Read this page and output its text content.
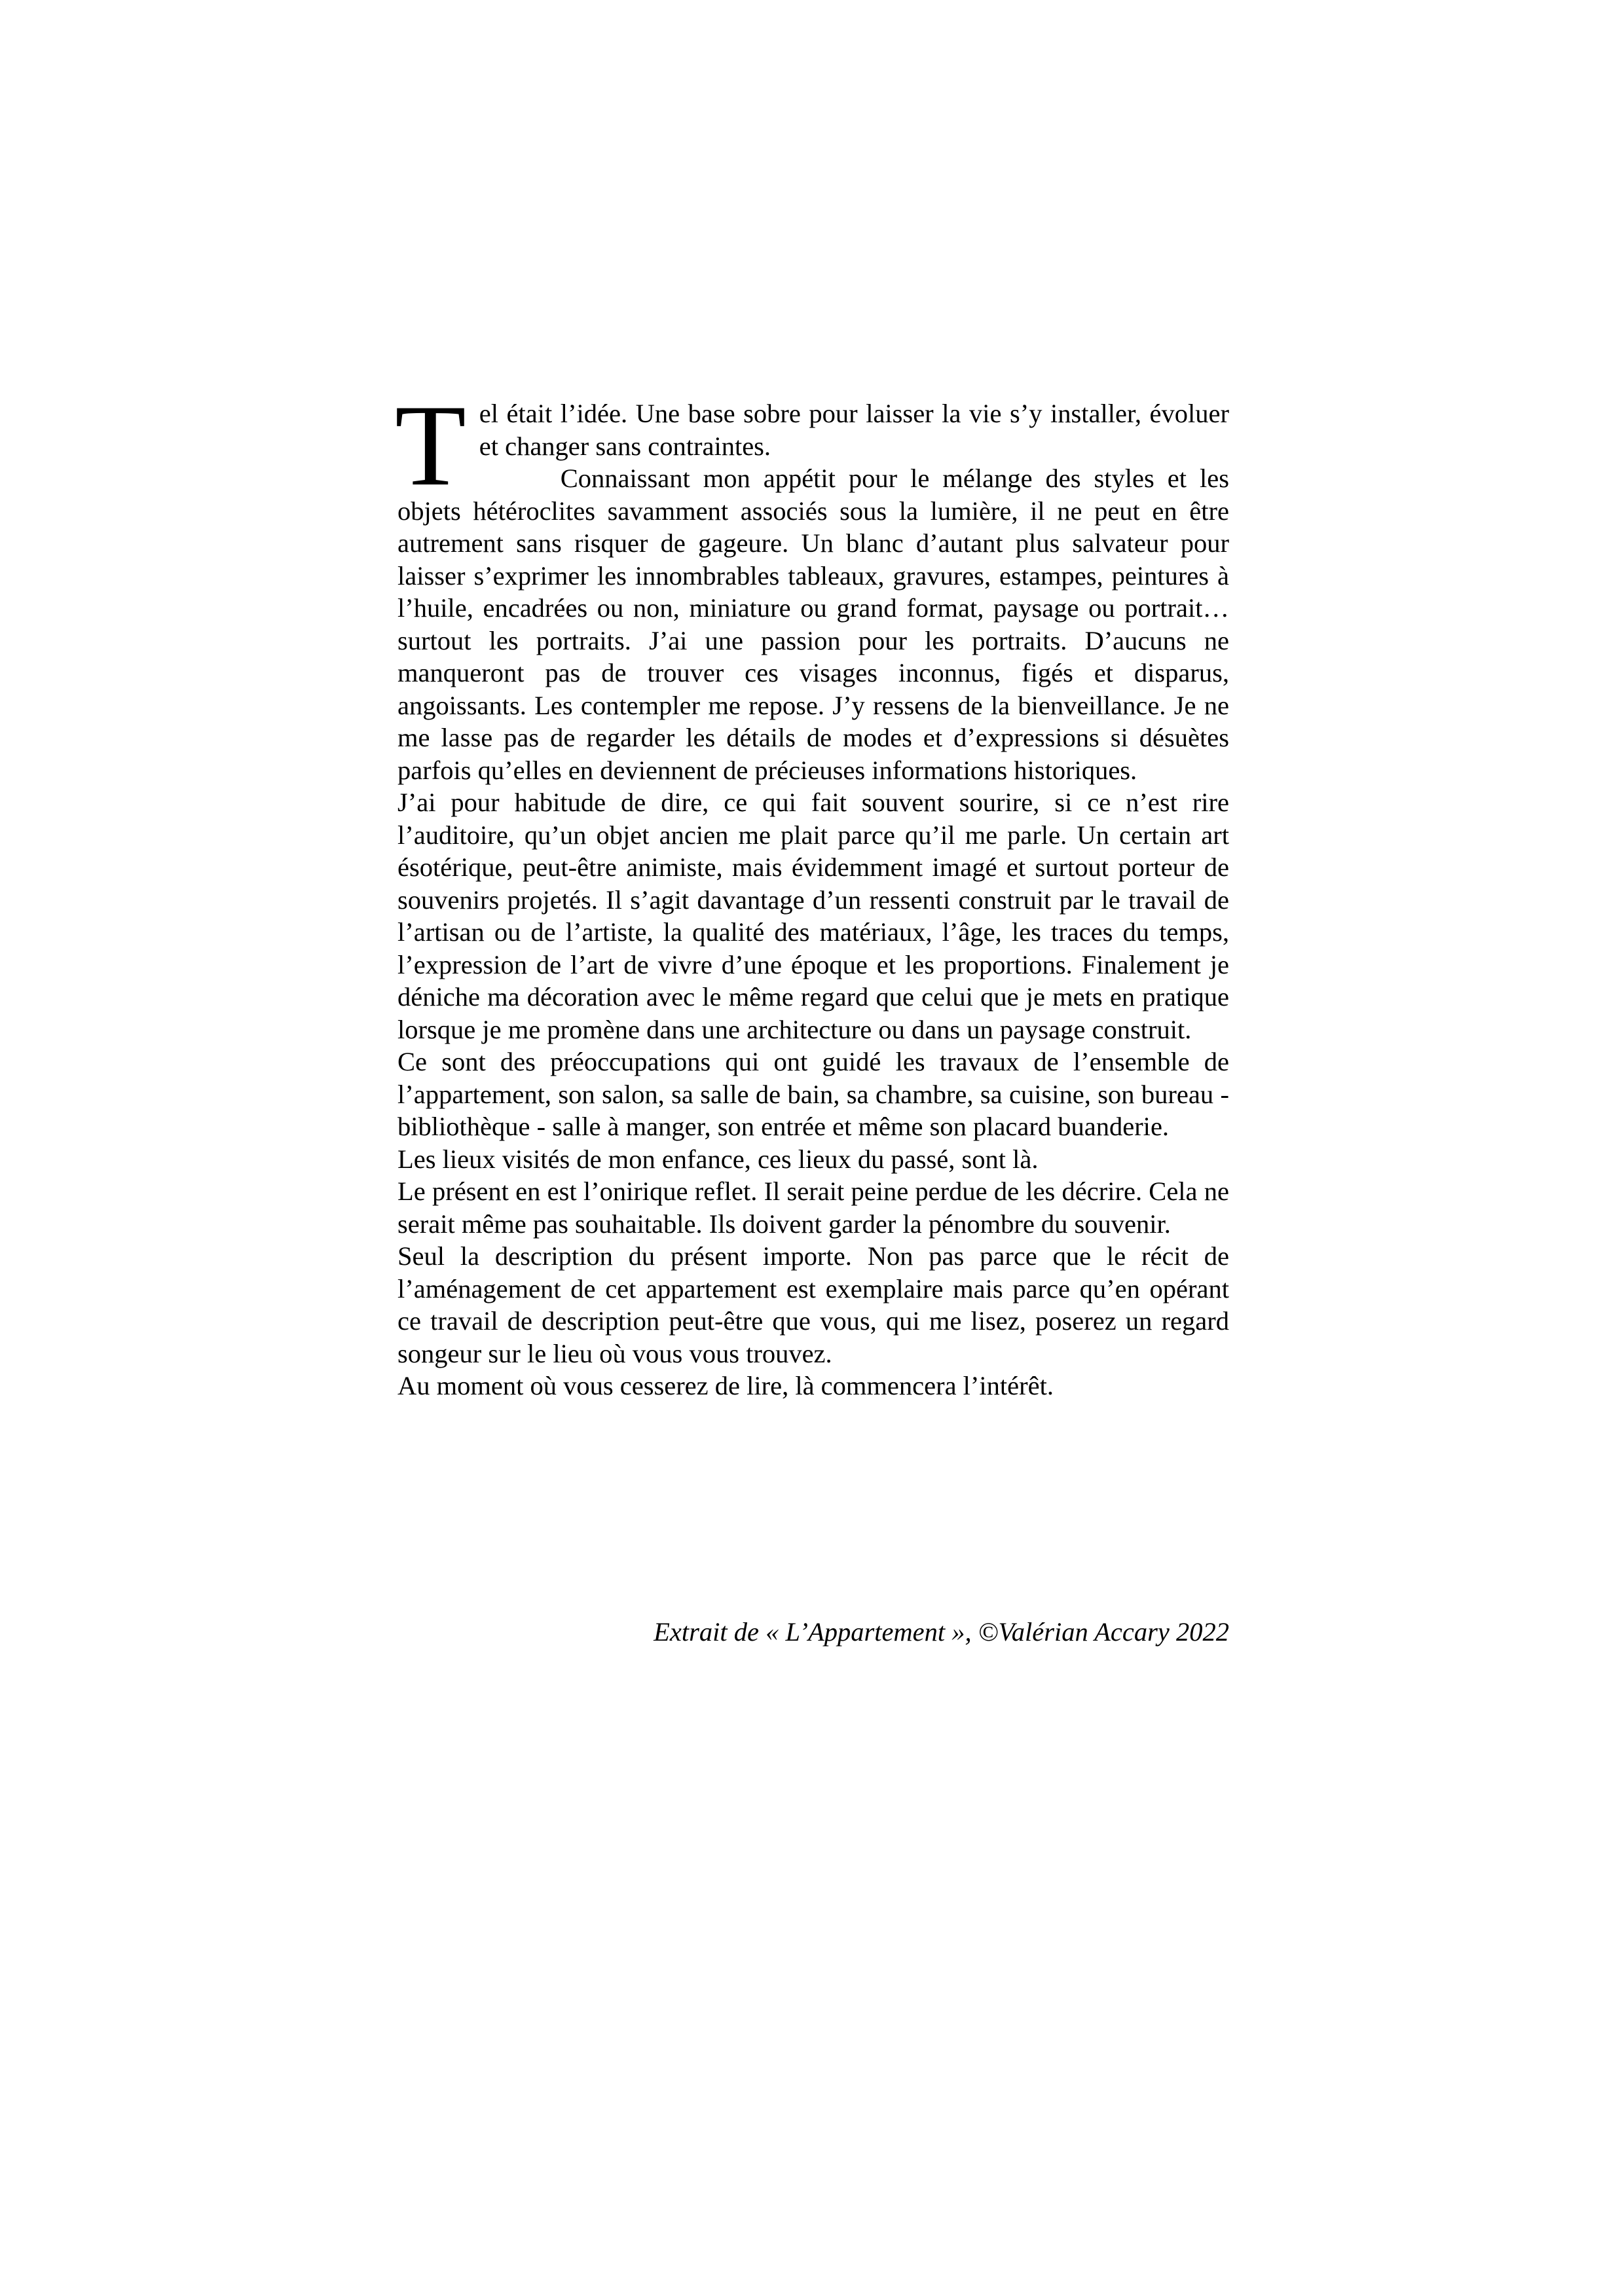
Tel était l’idée. Une base sobre pour laisser la vie s’y installer, évoluer et changer sans contraintes.

Connaissant mon appétit pour le mélange des styles et les objets hétéroclites savamment associés sous la lumière, il ne peut en être autrement sans risquer de gageure. Un blanc d’autant plus salvateur pour laisser s’exprimer les innombrables tableaux, gravures, estampes, peintures à l’huile, encadrées ou non, miniature ou grand format, paysage ou portrait… surtout les portraits. J’ai une passion pour les portraits. D’aucuns ne manqueront pas de trouver ces visages inconnus, figés et disparus, angoissants. Les contempler me repose. J’y ressens de la bienveillance. Je ne me lasse pas de regarder les détails de modes et d’expressions si désuètes parfois qu’elles en deviennent de précieuses informations historiques.

J’ai pour habitude de dire, ce qui fait souvent sourire, si ce n’est rire l’auditoire, qu’un objet ancien me plait parce qu’il me parle. Un certain art ésotérique, peut-être animiste, mais évidemment imagé et surtout porteur de souvenirs projetés. Il s’agit davantage d’un ressenti construit par le travail de l’artisan ou de l’artiste, la qualité des matériaux, l’âge, les traces du temps, l’expression de l’art de vivre d’une époque et les proportions. Finalement je déniche ma décoration avec le même regard que celui que je mets en pratique lorsque je me promène dans une architecture ou dans un paysage construit.

Ce sont des préoccupations qui ont guidé les travaux de l’ensemble de l’appartement, son salon, sa salle de bain, sa chambre, sa cuisine, son bureau - bibliothèque - salle à manger, son entrée et même son placard buanderie.

Les lieux visités de mon enfance, ces lieux du passé, sont là.

Le présent en est l’onirique reflet. Il serait peine perdue de les décrire. Cela ne serait même pas souhaitable. Ils doivent garder la pénombre du souvenir.

Seul la description du présent importe. Non pas parce que le récit de l’aménagement de cet appartement est exemplaire mais parce qu’en opérant ce travail de description peut-être que vous, qui me lisez, poserez un regard songeur sur le lieu où vous vous trouvez.

Au moment où vous cesserez de lire, là commencera l’intérêt.

Extrait de « L’Appartement », ©Valérian Accary 2022
